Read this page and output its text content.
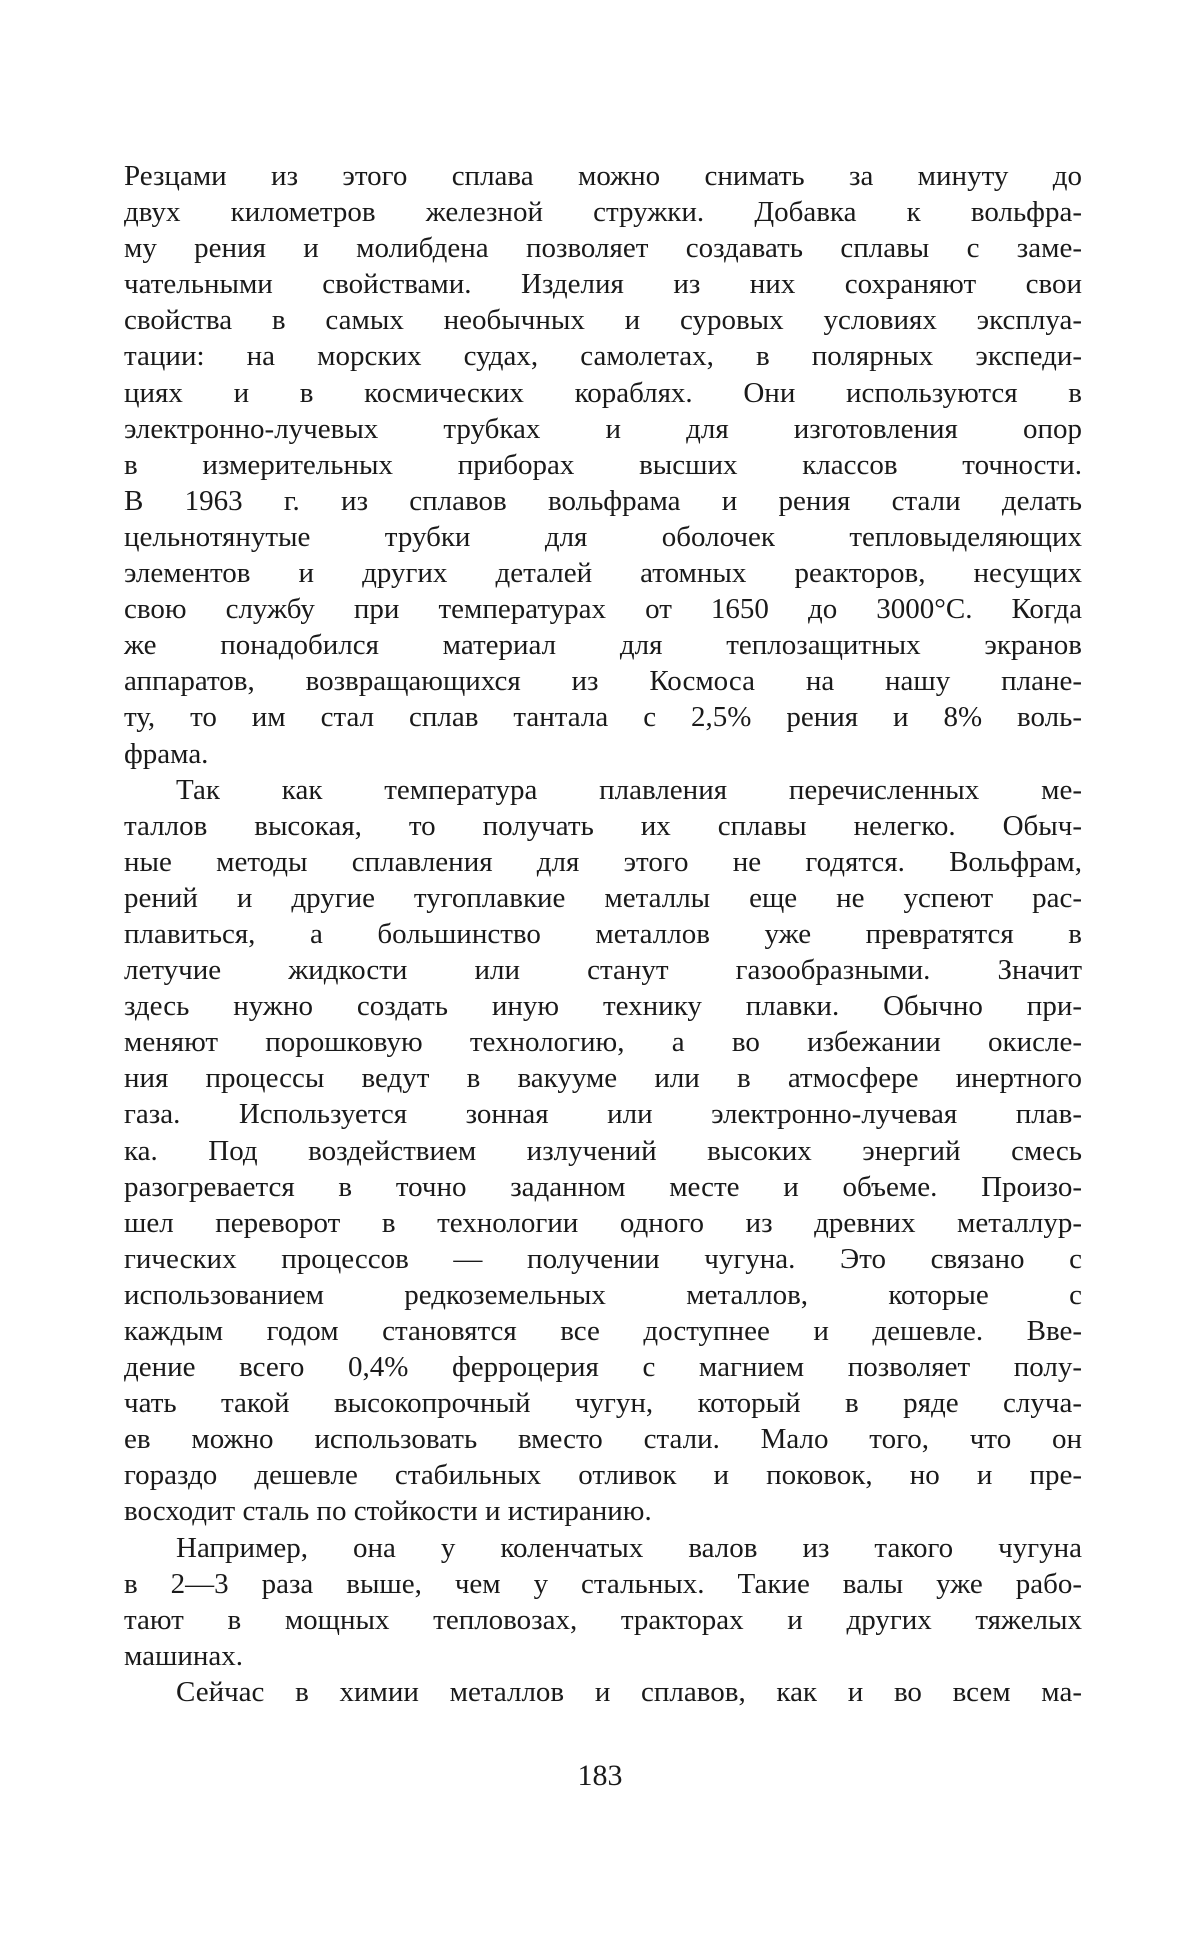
Резцами из этого сплава можно снимать за минуту до
двух километров железной стружки. Добавка к вольфра-
му рения и молибдена позволяет создавать сплавы с заме-
чательными свойствами. Изделия из них сохраняют свои
свойства в самых необычных и суровых условиях эксплуа-
тации: на морских судах, самолетах, в полярных экспеди-
циях и в космических кораблях. Они используются в
электронно-лучевых трубках и для изготовления опор
в измерительных приборах высших классов точности.
В 1963 г. из сплавов вольфрама и рения стали делать
цельнотянутые трубки для оболочек тепловыделяющих
элементов и других деталей атомных реакторов, несущих
свою службу при температурах от 1650 до 3000°С. Когда
же понадобился материал для теплозащитных экранов
аппаратов, возвращающихся из Космоса на нашу плане-
ту, то им стал сплав тантала с 2,5% рения и 8% воль-
фрама.
Так как температура плавления перечисленных ме-
таллов высокая, то получать их сплавы нелегко. Обыч-
ные методы сплавления для этого не годятся. Вольфрам,
рений и другие тугоплавкие металлы еще не успеют рас-
плавиться, а большинство металлов уже превратятся в
летучие жидкости или станут газообразными. Значит
здесь нужно создать иную технику плавки. Обычно при-
меняют порошковую технологию, а во избежании окисле-
ния процессы ведут в вакууме или в атмосфере инертного
газа. Используется зонная или электронно-лучевая плав-
ка. Под воздействием излучений высоких энергий смесь
разогревается в точно заданном месте и объеме. Произо-
шел переворот в технологии одного из древних металлур-
гических процессов — получении чугуна. Это связано с
использованием редкоземельных металлов, которые с
каждым годом становятся все доступнее и дешевле. Вве-
дение всего 0,4% ферроцерия с магнием позволяет полу-
чать такой высокопрочный чугун, который в ряде случа-
ев можно использовать вместо стали. Мало того, что он
гораздо дешевле стабильных отливок и поковок, но и пре-
восходит сталь по стойкости и истиранию.
Например, она у коленчатых валов из такого чугуна
в 2—3 раза выше, чем у стальных. Такие валы уже рабо-
тают в мощных тепловозах, тракторах и других тяжелых
машинах.
Сейчас в химии металлов и сплавов, как и во всем ма-
183
